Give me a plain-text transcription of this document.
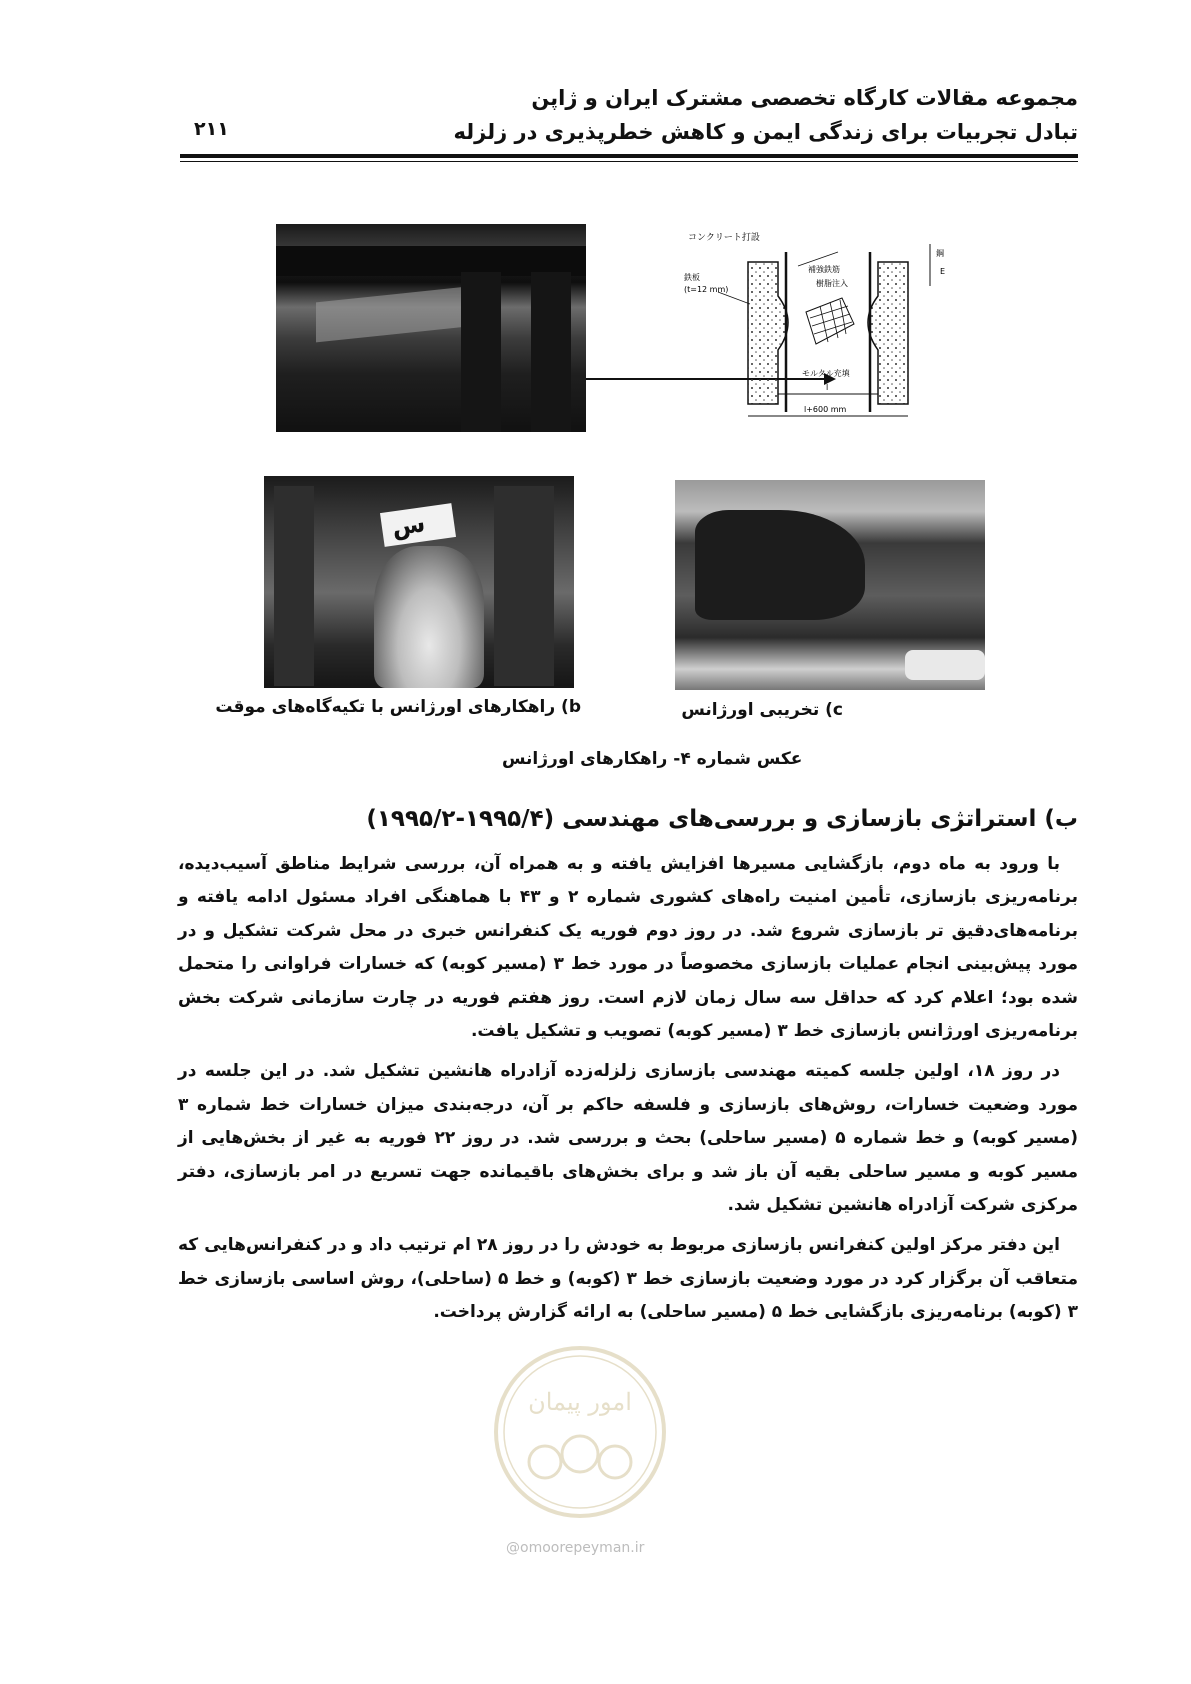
مجموعه مقالات کارگاه تخصصی مشترک ایران و ژاپن
تبادل تجربیات برای زندگی ایمن و کاهش خطرپذیری در زلزله
۲۱۱
コンクリート打設
鉄板
(t=12 mm)
補強鉄筋
樹脂注入
モルタル充填
l
l+600 mm
鋼
E
س
b) راهکارهای اورژانس با تکیه‌گاه‌های موقت	c) تخریبی اورژانس
عکس شماره ۴- راهکارهای اورژانس
ب) استراتژی بازسازی و بررسی‌های مهندسی (۱۹۹۵/۴-۱۹۹۵/۲)

با ورود به ماه دوم، بازگشایی مسیرها افزایش یافته و به همراه آن، بررسی شرایط مناطق آسیب‌دیده، برنامه‌ریزی بازسازی، تأمین امنیت راه‌های کشوری شماره ۲ و ۴۳ با هماهنگی افراد مسئول ادامه یافته و برنامه‌های‌دقیق تر بازسازی شروع شد. در روز دوم فوریه یک کنفرانس خبری در محل شرکت تشکیل و در مورد پیش‌بینی انجام عملیات بازسازی مخصوصاً در مورد خط ۳ (مسیر کوبه) که خسارات فراوانی را متحمل شده بود؛ اعلام کرد که حداقل سه سال زمان لازم است. روز هفتم فوریه در چارت سازمانی شرکت بخش برنامه‌ریزی اورژانس بازسازی خط ۳ (مسیر کوبه) تصویب و تشکیل یافت.

در روز ۱۸، اولین جلسه کمیته مهندسی بازسازی زلزله‌زده آزادراه هانشین تشکیل شد. در این جلسه در مورد وضعیت خسارات، روش‌های بازسازی و فلسفه حاکم بر آن، درجه‌بندی میزان خسارات خط شماره ۳ (مسیر کوبه) و خط شماره ۵ (مسیر ساحلی) بحث و بررسی شد. در روز ۲۲ فوریه به غیر از بخش‌هایی از مسیر کوبه و مسیر ساحلی بقیه آن باز شد و برای بخش‌های باقیمانده جهت تسریع در امر بازسازی، دفتر مرکزی شرکت آزادراه هانشین تشکیل شد.

این دفتر مرکز اولین کنفرانس بازسازی مربوط به خودش را در روز ۲۸ ام ترتیب داد و در کنفرانس‌هایی که متعاقب آن برگزار کرد در مورد وضعیت بازسازی خط ۳ (کوبه) و خط ۵ (ساحلی)، روش اساسی بازسازی خط ۳ (کوبه) برنامه‌ریزی بازگشایی خط ۵ (مسیر ساحلی) به ارائه گزارش پرداخت.

امور پیمان
@omoorepeyman.ir
